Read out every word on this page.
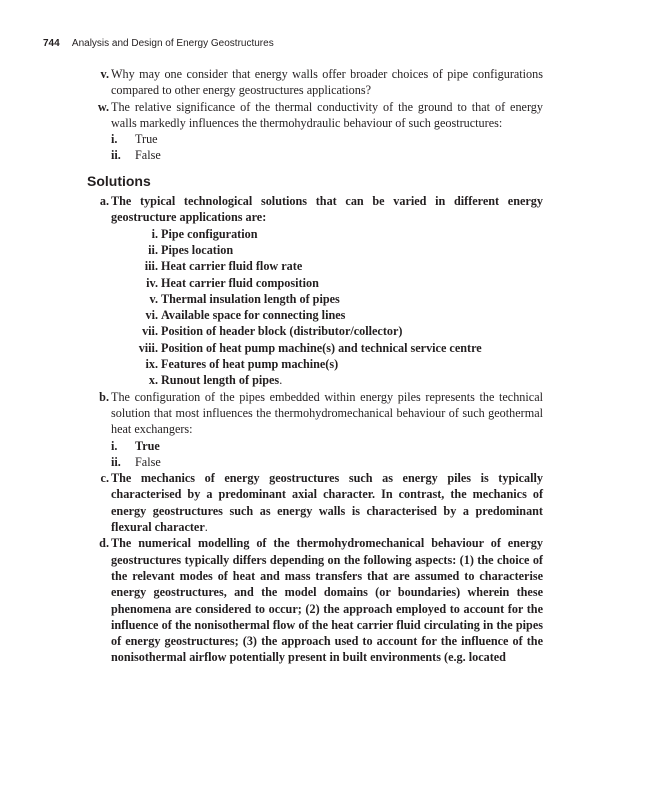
744 Analysis and Design of Energy Geostructures
v. Why may one consider that energy walls offer broader choices of pipe configurations compared to other energy geostructures applications?
w. The relative significance of the thermal conductivity of the ground to that of energy walls markedly influences the thermohydraulic behaviour of such geostructures:
i.	True
ii.	False
Solutions
a. The typical technological solutions that can be varied in different energy geostructure applications are:
i. Pipe configuration
ii. Pipes location
iii. Heat carrier fluid flow rate
iv. Heat carrier fluid composition
v. Thermal insulation length of pipes
vi. Available space for connecting lines
vii. Position of header block (distributor/collector)
viii. Position of heat pump machine(s) and technical service centre
ix. Features of heat pump machine(s)
x. Runout length of pipes.
b. The configuration of the pipes embedded within energy piles represents the technical solution that most influences the thermohydromechanical behaviour of such geothermal heat exchangers:
i.	True
ii.	False
c. The mechanics of energy geostructures such as energy piles is typically characterised by a predominant axial character. In contrast, the mechanics of energy geostructures such as energy walls is characterised by a predominant flexural character.
d. The numerical modelling of the thermohydromechanical behaviour of energy geostructures typically differs depending on the following aspects: (1) the choice of the relevant modes of heat and mass transfers that are assumed to characterise energy geostructures, and the model domains (or boundaries) wherein these phenomena are considered to occur; (2) the approach employed to account for the influence of the nonisothermal flow of the heat carrier fluid circulating in the pipes of energy geostructures; (3) the approach used to account for the influence of the nonisothermal airflow potentially present in built environments (e.g. located
